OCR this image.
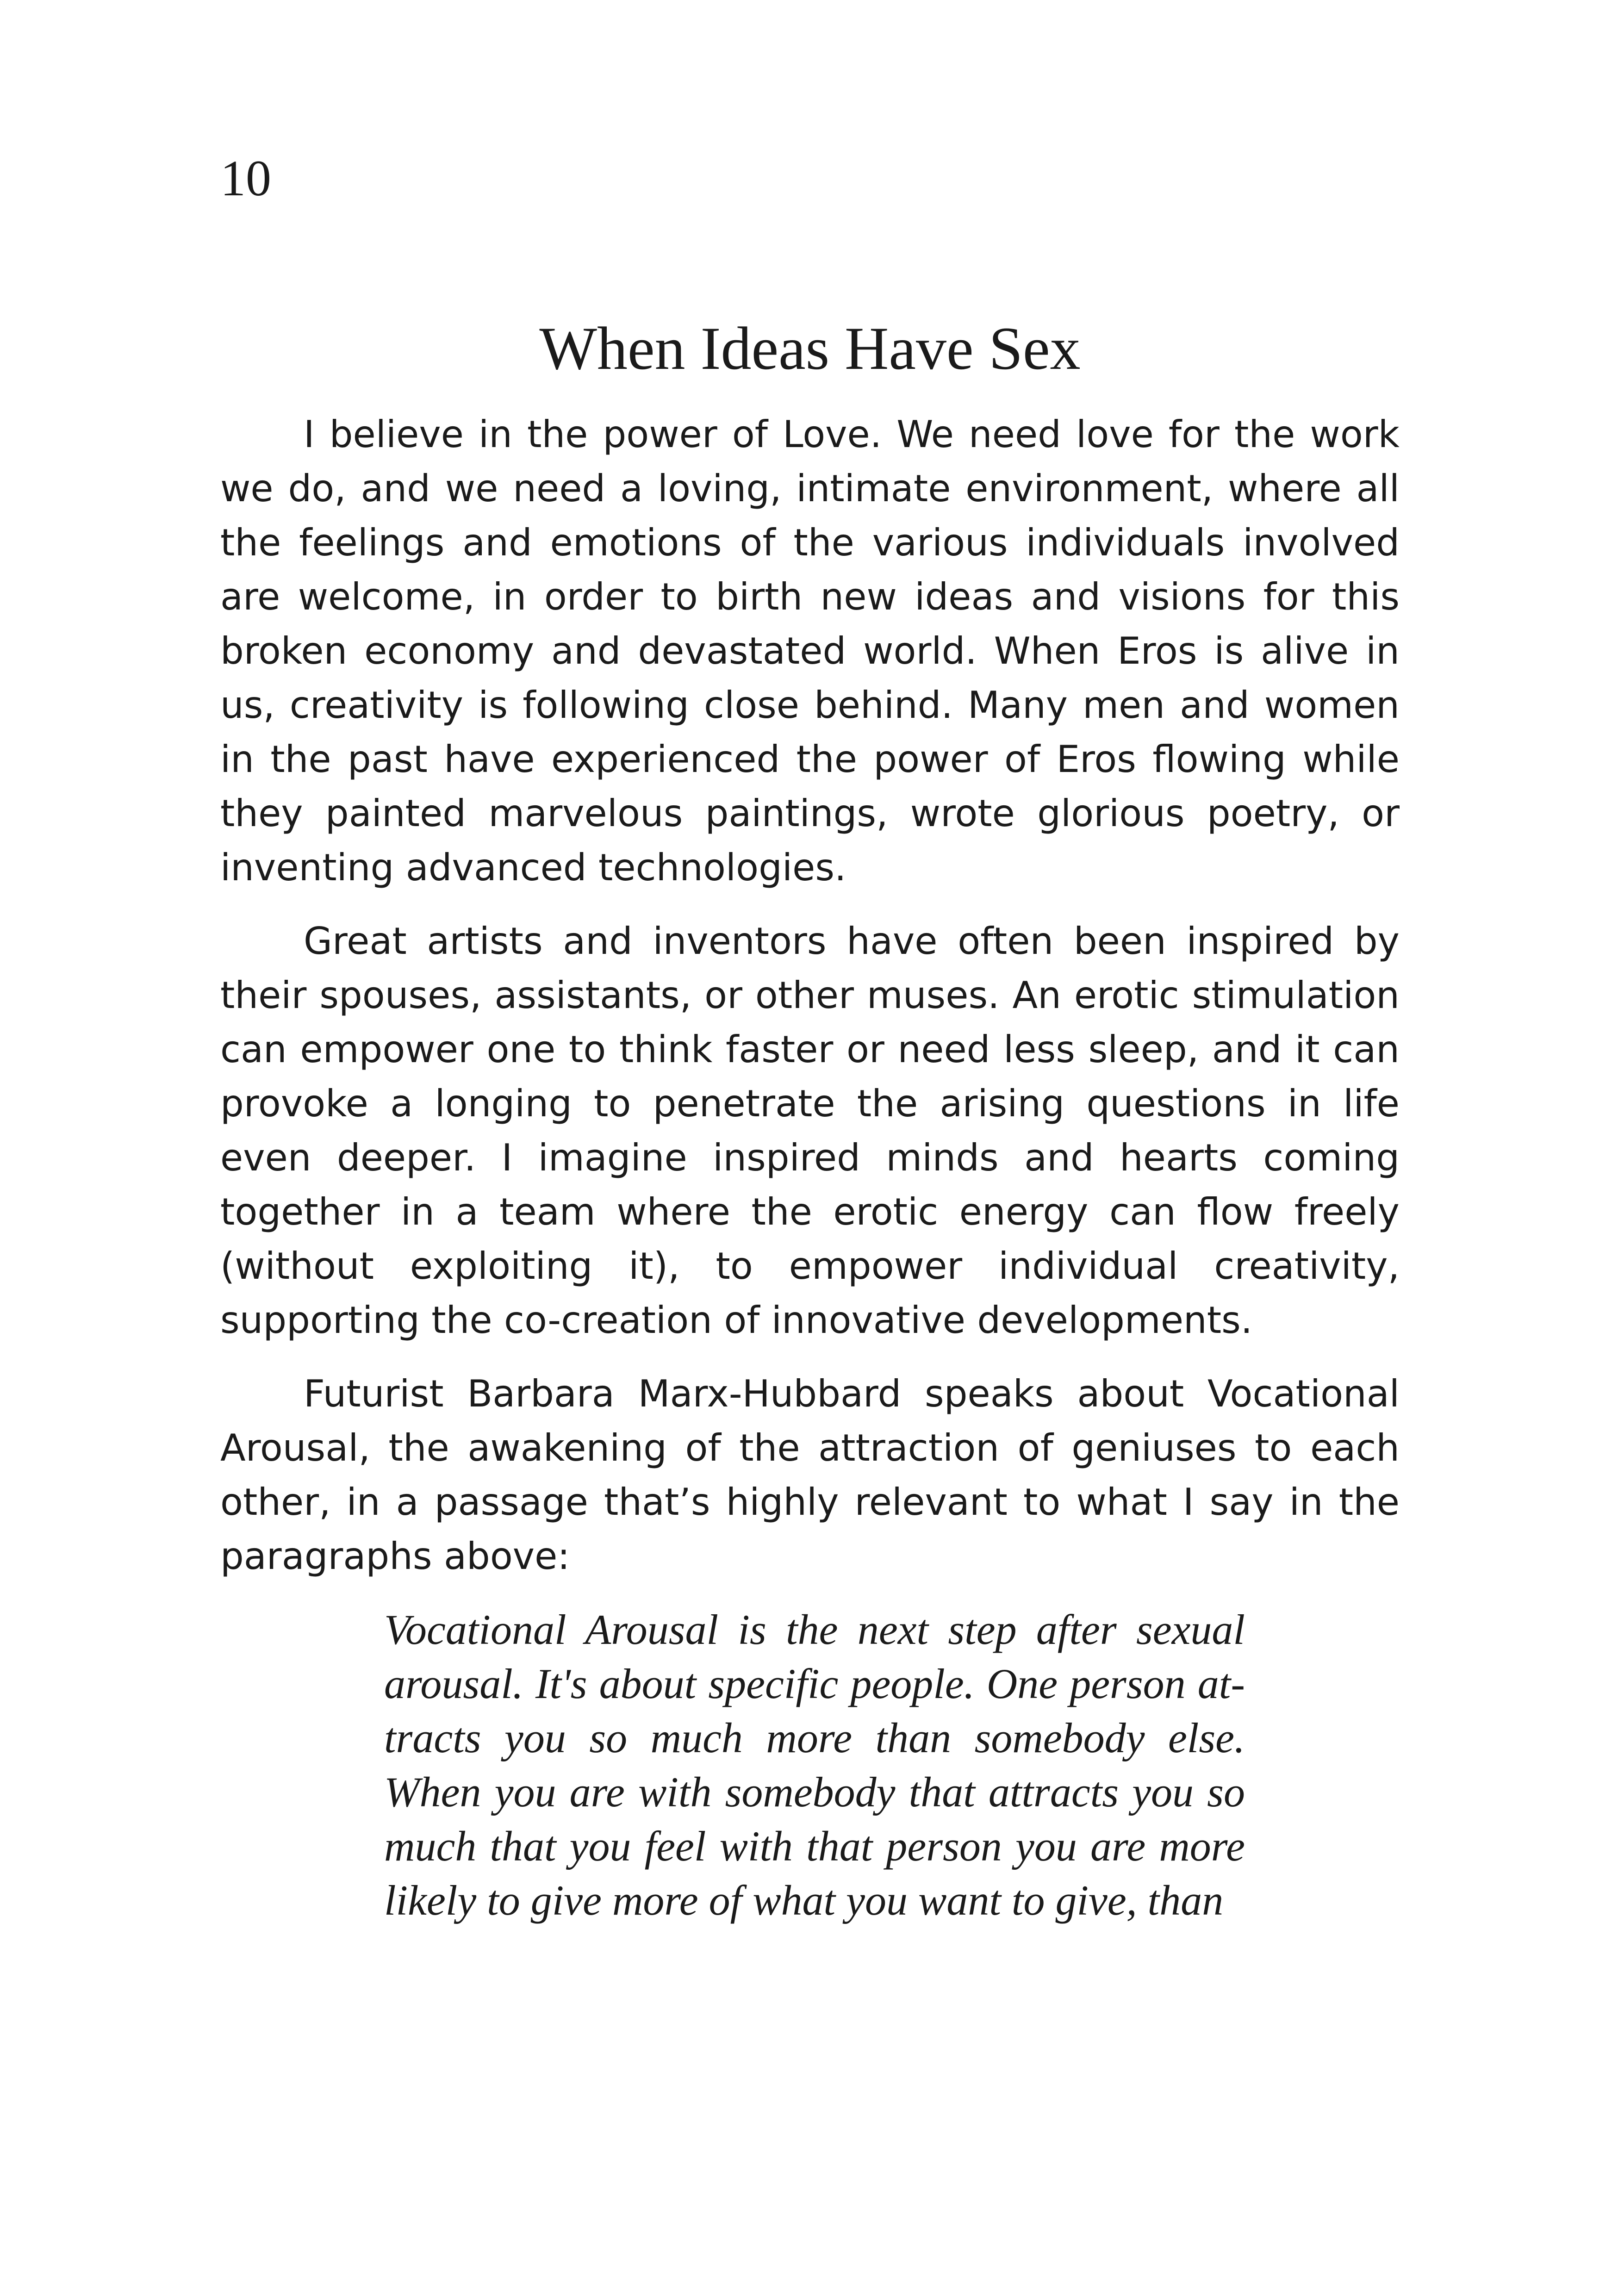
10
When Ideas Have Sex

I believe in the power of Love. We need love for the work we do, and we need a loving, intimate environment, where all the feelings and emotions of the various individuals involved are welcome, in order to birth new ideas and visions for this broken economy and devastated world. When Eros is alive in us, creativity is following close behind. Many men and women in the past have experienced the power of Eros flowing while they painted marvelous paintings, wrote glorious poetry, or inventing advanced technologies.

Great artists and inventors have often been inspired by their spouses, assistants, or other muses. An erotic stimulation can empower one to think faster or need less sleep, and it can provoke a longing to penetrate the arising questions in life even deeper. I imagine inspired minds and hearts coming together in a team where the erotic energy can flow freely (without exploiting it), to empower individual creativity, supporting the co-creation of innovative developments.

Futurist Barbara Marx-Hubbard speaks about Vocational Arousal, the awakening of the attraction of geniuses to each other, in a passage that’s highly relevant to what I say in the paragraphs above:

Vocational Arousal is the next step after sexual arousal. It's about specific people. One person attracts you so much more than somebody else. When you are with somebody that attracts you so much that you feel with that person you are more likely to give more of what you want to give, than
